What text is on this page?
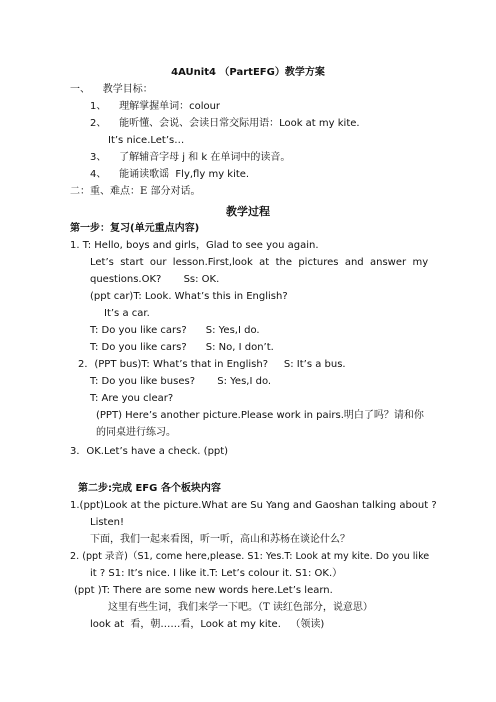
4AUnit4 （PartEFG）教学方案
一、    教学目标：
1、    理解掌握单词：colour
2、    能听懂、会说、会读日常交际用语：Look at my kite.
It’s nice.Let’s…
3、    了解辅音字母 j 和 k 在单词中的读音。
4、    能诵读歌谣  Fly,fly my kite.
二：重、难点：E 部分对话。
教学过程
第一步：复习(单元重点内容)
1. T: Hello, boys and girls，Glad to see you again.
Let’s  start  our  lesson.First,look  at  the  pictures  and  answer  my
questions.OK?       Ss: OK.
(ppt car)T: Look. What’s this in English?
It’s a car.
T: Do you like cars?      S: Yes,I do.
T: Do you like cars?      S: No, I don’t.
2．(PPT bus)T: What’s that in English?     S: It’s a bus.
T: Do you like buses?       S: Yes,I do.
T: Are you clear?
(PPT) Here’s another picture.Please work in pairs.明白了吗？请和你
的同桌进行练习。
3．OK.Let’s have a check. (ppt)
第二步:完成 EFG 各个板块内容
1.(ppt)Look at the picture.What are Su Yang and Gaoshan talking about ?
Listen!
下面，我们一起来看图，听一听，高山和苏杨在谈论什么？
2. (ppt 录音)（S1, come here,please. S1: Yes.T: Look at my kite. Do you like
it ? S1: It’s nice. I like it.T: Let’s colour it. S1: OK.）
(ppt )T: There are some new words here.Let’s learn.
这里有些生词，我们来学一下吧。（T 读红色部分，说意思）
look at  看，朝……看，Look at my kite.   （领读)
